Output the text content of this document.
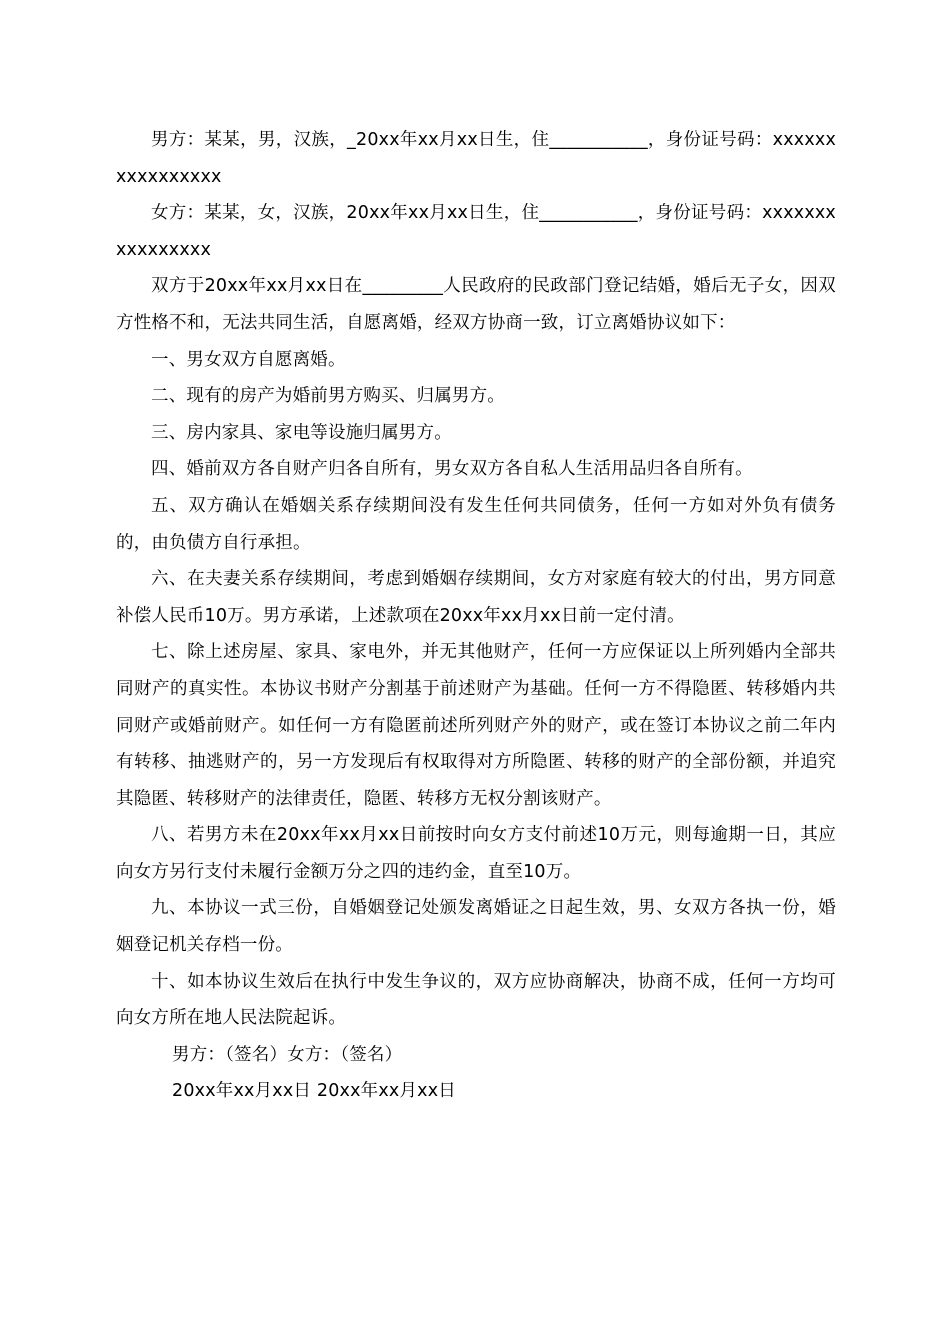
男方：某某，男，汉族，_20xx年xx月xx日生，住___________，身份证号码：xxxxxxxxxxxxxxxx

女方：某某，女，汉族，20xx年xx月xx日生，住___________，身份证号码：xxxxxxxxxxxxxxxx

双方于20xx年xx月xx日在_________人民政府的民政部门登记结婚，婚后无子女，因双方性格不和，无法共同生活，自愿离婚，经双方协商一致，订立离婚协议如下：

一、男女双方自愿离婚。

二、现有的房产为婚前男方购买、归属男方。

三、房内家具、家电等设施归属男方。

四、婚前双方各自财产归各自所有，男女双方各自私人生活用品归各自所有。

五、双方确认在婚姻关系存续期间没有发生任何共同债务，任何一方如对外负有债务的，由负债方自行承担。

六、在夫妻关系存续期间，考虑到婚姻存续期间，女方对家庭有较大的付出，男方同意补偿人民币10万。男方承诺，上述款项在20xx年xx月xx日前一定付清。

七、除上述房屋、家具、家电外，并无其他财产，任何一方应保证以上所列婚内全部共同财产的真实性。本协议书财产分割基于前述财产为基础。任何一方不得隐匿、转移婚内共同财产或婚前财产。如任何一方有隐匿前述所列财产外的财产，或在签订本协议之前二年内有转移、抽逃财产的，另一方发现后有权取得对方所隐匿、转移的财产的全部份额，并追究其隐匿、转移财产的法律责任，隐匿、转移方无权分割该财产。

八、若男方未在20xx年xx月xx日前按时向女方支付前述10万元，则每逾期一日，其应向女方另行支付未履行金额万分之四的违约金，直至10万。

九、本协议一式三份，自婚姻登记处颁发离婚证之日起生效，男、女双方各执一份，婚姻登记机关存档一份。

十、如本协议生效后在执行中发生争议的，双方应协商解决，协商不成，任何一方均可向女方所在地人民法院起诉。

男方：（签名）女方：（签名）

20xx年xx月xx日 20xx年xx月xx日
